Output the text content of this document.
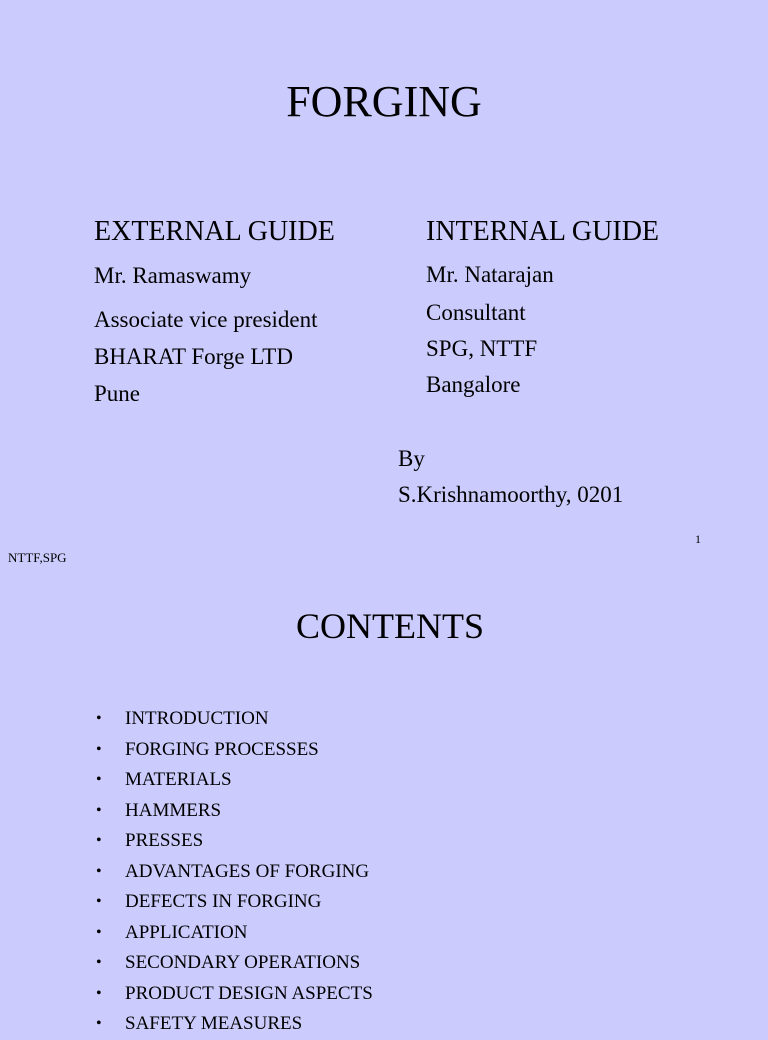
FORGING
EXTERNAL GUIDE
Mr. Ramaswamy
Associate vice president
BHARAT Forge LTD
Pune
INTERNAL GUIDE
Mr. Natarajan
Consultant
SPG, NTTF
Bangalore
By
S.Krishnamoorthy, 0201
1
NTTF,SPG
CONTENTS
• INTRODUCTION
• FORGING PROCESSES
• MATERIALS
• HAMMERS
• PRESSES
• ADVANTAGES OF FORGING
• DEFECTS IN FORGING
• APPLICATION
• SECONDARY OPERATIONS
• PRODUCT DESIGN ASPECTS
• SAFETY MEASURES
